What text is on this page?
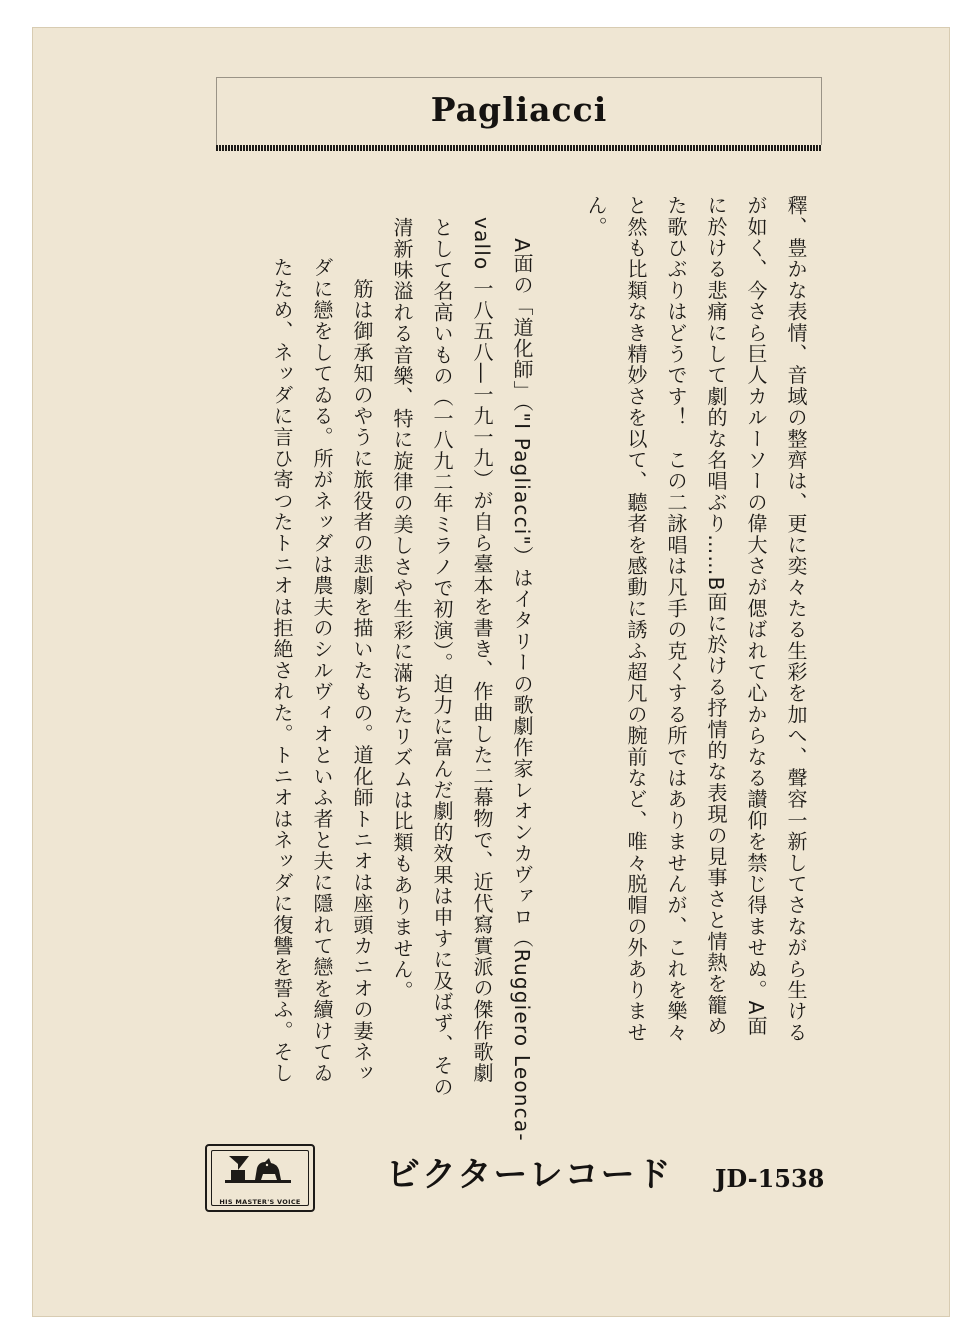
Pagliacci
釋、豊かな表情、音域の整齊は、更に奕々たる生彩を加へ、聲容一新してさながら生ける
が如く、今さら巨人カルーソーの偉大さが偲ばれて心からなる讃仰を禁じ得ませぬ。A面
に於ける悲痛にして劇的な名唱ぶり……B面に於ける抒情的な表現の見事さと情熱を籠め
た歌ひぶりはどうです！　この二詠唱は凡手の克くする所ではありませんが、これを樂々
と然も比類なき精妙さを以て、聽者を感動に誘ふ超凡の腕前など、唯々脱帽の外ありませ
ん。
　A面の「道化師」（"I Pagliacci"）はイタリーの歌劇作家レオンカヴァロ（Ruggiero Leonca-
vallo 一八五八―一九一九）が自ら臺本を書き、作曲した二幕物で、近代寫實派の傑作歌劇
として名高いもの（一八九二年ミラノで初演）。迫力に富んだ劇的效果は申すに及ばず、その
清新味溢れる音樂、特に旋律の美しさや生彩に滿ちたリズムは比類もありません。
　筋は御承知のやうに旅役者の悲劇を描いたもの。道化師トニオは座頭カニオの妻ネッ
ダに戀をしてゐる。所がネッダは農夫のシルヴィオといふ者と夫に隱れて戀を續けてゐ
たため、ネッダに言ひ寄つたトニオは拒絶された。トニオはネッダに復讐を誓ふ。そし
HIS MASTER'S VOICE
ビクターレコード JD-1538
